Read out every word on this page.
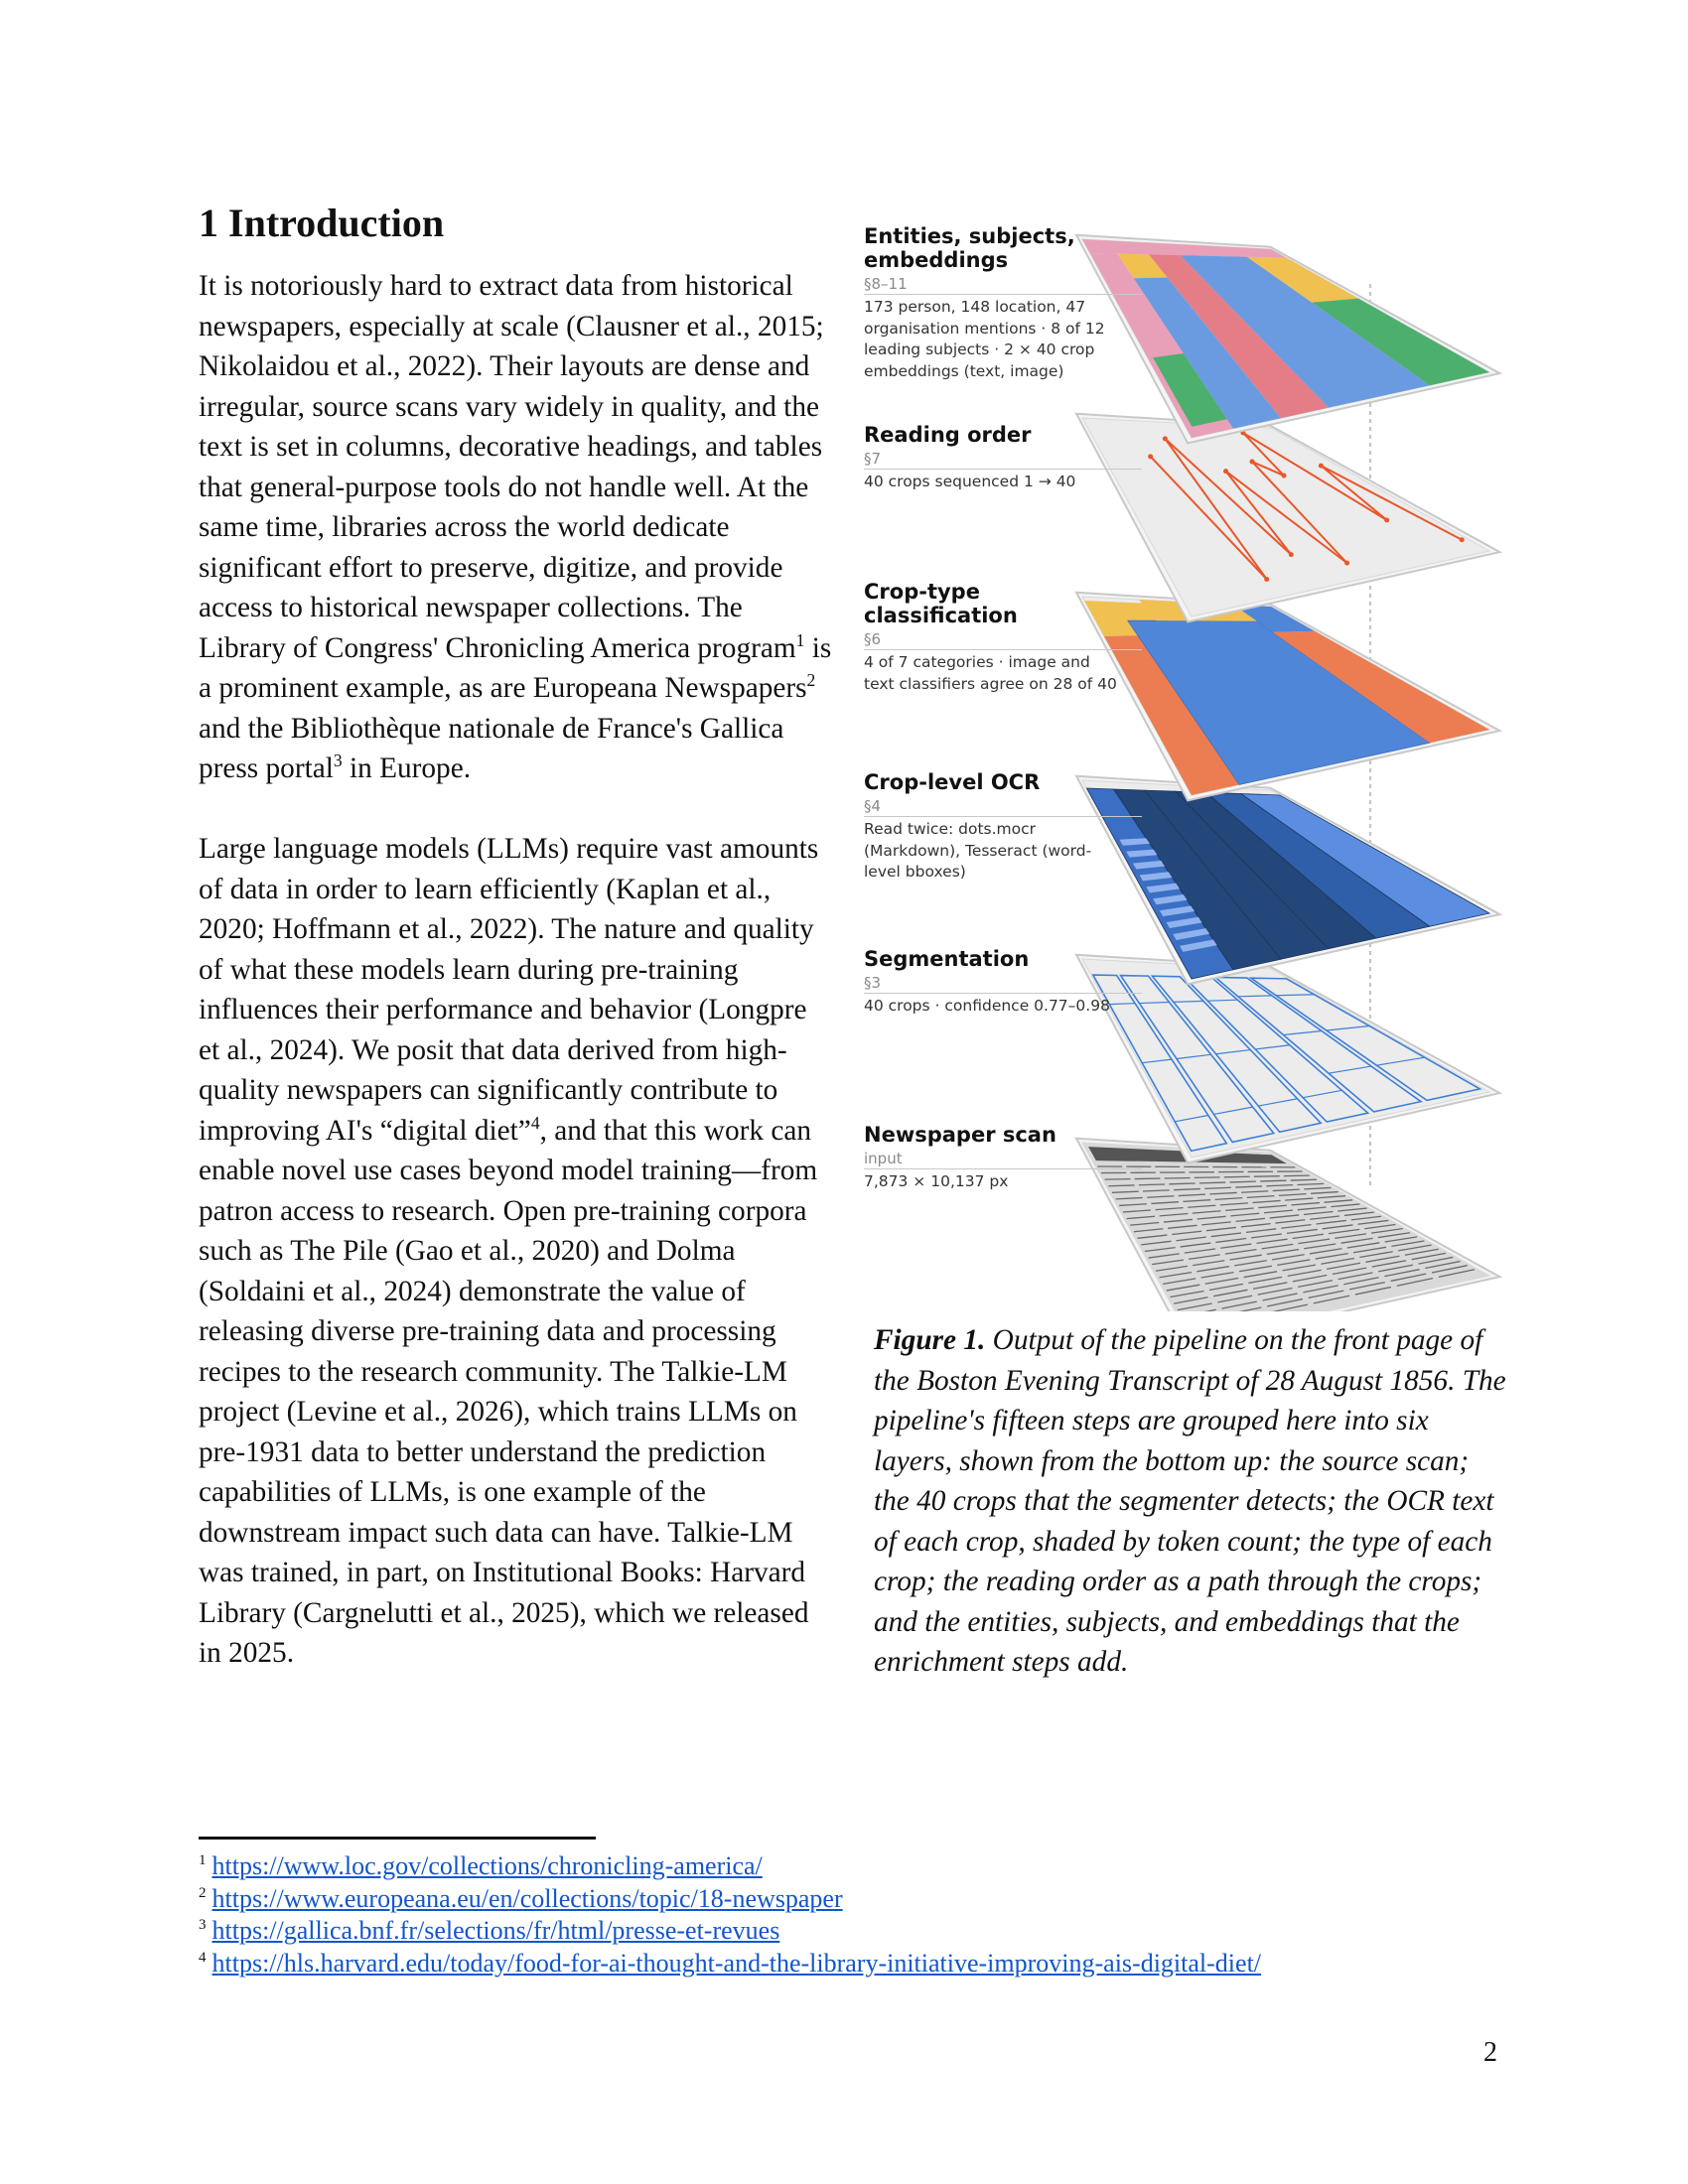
1 Introduction

It is notoriously hard to extract data from historical newspapers, especially at scale (Clausner et al., 2015; Nikolaidou et al., 2022). Their layouts are dense and irregular, source scans vary widely in quality, and the text is set in columns, decorative headings, and tables that general-purpose tools do not handle well. At the same time, libraries across the world dedicate significant effort to preserve, digitize, and provide access to historical newspaper collections. The Library of Congress' Chronicling America program$^1$ is a prominent example, as are Europeana Newspapers$^2$ and the Bibliothèque nationale de France's Gallica press portal$^3$ in Europe.

Large language models (LLMs) require vast amounts of data in order to learn efficiently (Kaplan et al., 2020; Hoffmann et al., 2022). The nature and quality of what these models learn during pre-training influences their performance and behavior (Longpre et al., 2024). We posit that data derived from high-quality newspapers can significantly contribute to improving AI's “digital diet”$^4$, and that this work can enable novel use cases beyond model training—from patron access to research. Open pre-training corpora such as The Pile (Gao et al., 2020) and Dolma (Soldaini et al., 2024) demonstrate the value of releasing diverse pre-training data and processing recipes to the research community. The Talkie-LM project (Levine et al., 2026), which trains LLMs on pre-1931 data to better understand the prediction capabilities of LLMs, is one example of the downstream impact such data can have. Talkie-LM was trained, in part, on Institutional Books: Harvard Library (Cargnelutti et al., 2025), which we released in 2025.

Entities, subjects, embeddings
§8–11
173 person, 148 location, 47 organisation mentions · 8 of 12 leading subjects · 2 × 40 crop embeddings (text, image)
Reading order
§7
40 crops sequenced 1 → 40
Crop-type classification
§6
4 of 7 categories · image and text classifiers agree on 28 of 40
Crop-level OCR
§4
Read twice: dots.mocr (Markdown), Tesseract (word-level bboxes)
Segmentation
§3
40 crops · confidence 0.77–0.98
Newspaper scan
input
7,873 × 10,137 px

Figure 1. Output of the pipeline on the front page of the Boston Evening Transcript of 28 August 1856. The pipeline's fifteen steps are grouped here into six layers, shown from the bottom up: the source scan; the 40 crops that the segmenter detects; the OCR text of each crop, shaded by token count; the type of each crop; the reading order as a path through the crops; and the entities, subjects, and embeddings that the enrichment steps add.

$^1$ https://www.loc.gov/collections/chronicling-america/
$^2$ https://www.europeana.eu/en/collections/topic/18-newspaper
$^3$ https://gallica.bnf.fr/selections/fr/html/presse-et-revues
$^4$ https://hls.harvard.edu/today/food-for-ai-thought-and-the-library-initiative-improving-ais-digital-diet/
2
